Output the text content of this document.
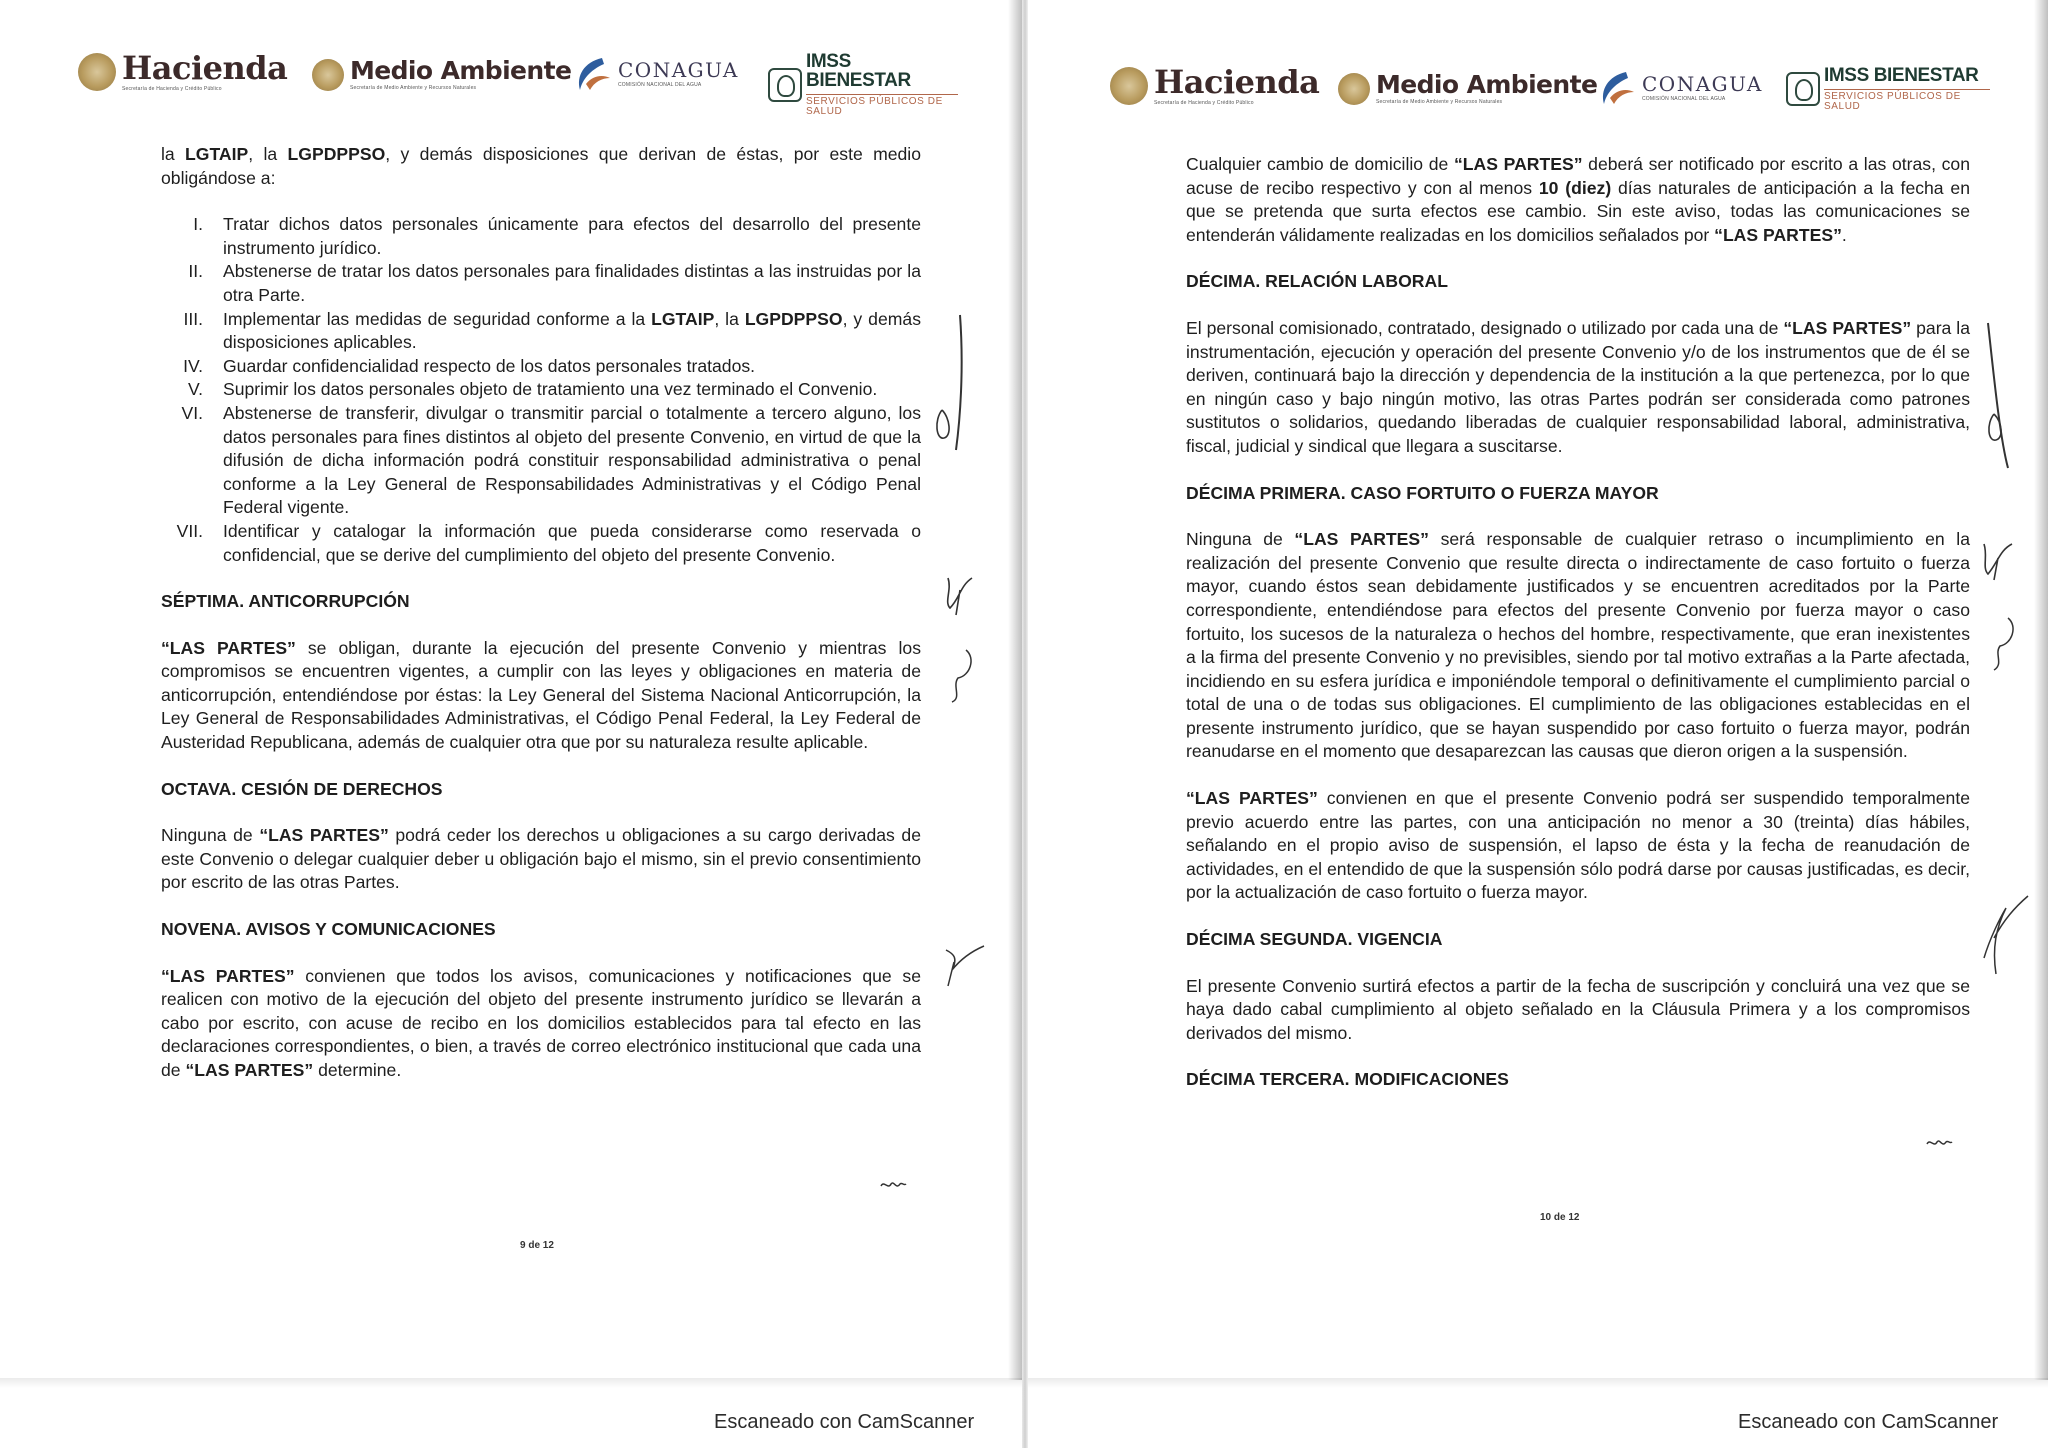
Hacienda
Secretaría de Hacienda y Crédito Público
Medio Ambiente
Secretaría de Medio Ambiente y Recursos Naturales
CONAGUA
COMISIÓN NACIONAL DEL AGUA
IMSS BIENESTAR
SERVICIOS PÚBLICOS DE SALUD

la LGTAIP, la LGPDPPSO, y demás disposiciones que derivan de éstas, por este medio obligándose a:

I.	Tratar dichos datos personales únicamente para efectos del desarrollo del presente instrumento jurídico.
II.	Abstenerse de tratar los datos personales para finalidades distintas a las instruidas por la otra Parte.
III.	Implementar las medidas de seguridad conforme a la LGTAIP, la LGPDPPSO, y demás disposiciones aplicables.
IV.	Guardar confidencialidad respecto de los datos personales tratados.
V.	Suprimir los datos personales objeto de tratamiento una vez terminado el Convenio.
VI.	Abstenerse de transferir, divulgar o transmitir parcial o totalmente a tercero alguno, los datos personales para fines distintos al objeto del presente Convenio, en virtud de que la difusión de dicha información podrá constituir responsabilidad administrativa o penal conforme a la Ley General de Responsabilidades Administrativas y el Código Penal Federal vigente.
VII.	Identificar y catalogar la información que pueda considerarse como reservada o confidencial, que se derive del cumplimiento del objeto del presente Convenio.

SÉPTIMA. ANTICORRUPCIÓN

“LAS PARTES” se obligan, durante la ejecución del presente Convenio y mientras los compromisos se encuentren vigentes, a cumplir con las leyes y obligaciones en materia de anticorrupción, entendiéndose por éstas: la Ley General del Sistema Nacional Anticorrupción, la Ley General de Responsabilidades Administrativas, el Código Penal Federal, la Ley Federal de Austeridad Republicana, además de cualquier otra que por su naturaleza resulte aplicable.

OCTAVA. CESIÓN DE DERECHOS

Ninguna de “LAS PARTES” podrá ceder los derechos u obligaciones a su cargo derivadas de este Convenio o delegar cualquier deber u obligación bajo el mismo, sin el previo consentimiento por escrito de las otras Partes.

NOVENA. AVISOS Y COMUNICACIONES

“LAS PARTES” convienen que todos los avisos, comunicaciones y notificaciones que se realicen con motivo de la ejecución del objeto del presente instrumento jurídico se llevarán a cabo por escrito, con acuse de recibo en los domicilios establecidos para tal efecto en las declaraciones correspondientes, o bien, a través de correo electrónico institucional que cada una de “LAS PARTES” determine.

9 de 12
Escaneado con CamScanner
Hacienda
Secretaría de Hacienda y Crédito Público
Medio Ambiente
Secretaría de Medio Ambiente y Recursos Naturales
CONAGUA
COMISIÓN NACIONAL DEL AGUA
IMSS BIENESTAR
SERVICIOS PÚBLICOS DE SALUD

Cualquier cambio de domicilio de “LAS PARTES” deberá ser notificado por escrito a las otras, con acuse de recibo respectivo y con al menos 10 (diez) días naturales de anticipación a la fecha en que se pretenda que surta efectos ese cambio. Sin este aviso, todas las comunicaciones se entenderán válidamente realizadas en los domicilios señalados por “LAS PARTES”.

DÉCIMA. RELACIÓN LABORAL

El personal comisionado, contratado, designado o utilizado por cada una de “LAS PARTES” para la instrumentación, ejecución y operación del presente Convenio y/o de los instrumentos que de él se deriven, continuará bajo la dirección y dependencia de la institución a la que pertenezca, por lo que en ningún caso y bajo ningún motivo, las otras Partes podrán ser considerada como patrones sustitutos o solidarios, quedando liberadas de cualquier responsabilidad laboral, administrativa, fiscal, judicial y sindical que llegara a suscitarse.

DÉCIMA PRIMERA. CASO FORTUITO O FUERZA MAYOR

Ninguna de “LAS PARTES” será responsable de cualquier retraso o incumplimiento en la realización del presente Convenio que resulte directa o indirectamente de caso fortuito o fuerza mayor, cuando éstos sean debidamente justificados y se encuentren acreditados por la Parte correspondiente, entendiéndose para efectos del presente Convenio por fuerza mayor o caso fortuito, los sucesos de la naturaleza o hechos del hombre, respectivamente, que eran inexistentes a la firma del presente Convenio y no previsibles, siendo por tal motivo extrañas a la Parte afectada, incidiendo en su esfera jurídica e imponiéndole temporal o definitivamente el cumplimiento parcial o total de una o de todas sus obligaciones. El cumplimiento de las obligaciones establecidas en el presente instrumento jurídico, que se hayan suspendido por caso fortuito o fuerza mayor, podrán reanudarse en el momento que desaparezcan las causas que dieron origen a la suspensión.

“LAS PARTES” convienen en que el presente Convenio podrá ser suspendido temporalmente previo acuerdo entre las partes, con una anticipación no menor a 30 (treinta) días hábiles, señalando en el propio aviso de suspensión, el lapso de ésta y la fecha de reanudación de actividades, en el entendido de que la suspensión sólo podrá darse por causas justificadas, es decir, por la actualización de caso fortuito o fuerza mayor.

DÉCIMA SEGUNDA. VIGENCIA

El presente Convenio surtirá efectos a partir de la fecha de suscripción y concluirá una vez que se haya dado cabal cumplimiento al objeto señalado en la Cláusula Primera y a los compromisos derivados del mismo.

DÉCIMA TERCERA. MODIFICACIONES

10 de 12
Escaneado con CamScanner
